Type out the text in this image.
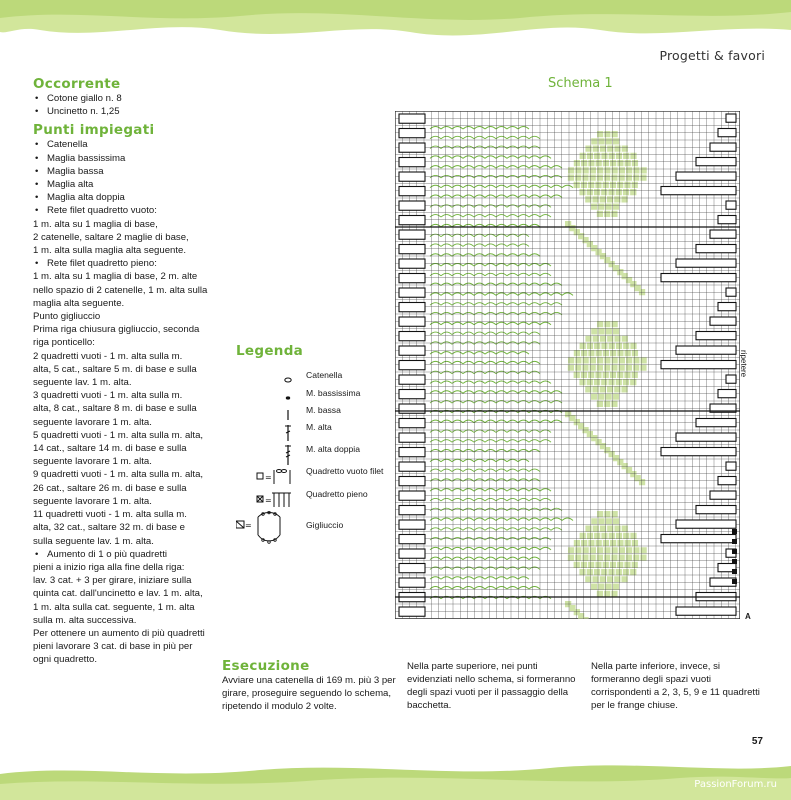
Progetti & favori
Occorrente
• Cotone giallo n. 8
• Uncinetto n. 1,25
Punti impiegati
• Catenella
• Maglia bassissima
• Maglia bassa
• Maglia alta
• Maglia alta doppia
• Rete filet quadretto vuoto:

1 m. alta su 1 maglia di base,

2 catenelle, saltare 2 maglie di base,

1 m. alta sulla maglia alta seguente.

• Rete filet quadretto pieno:

1 m. alta su 1 maglia di base, 2 m. alte

nello spazio di 2 catenelle, 1 m. alta sulla

maglia alta seguente.

Punto gigliuccio

Prima riga chiusura gigliuccio, seconda

riga ponticello:

2 quadretti vuoti - 1 m. alta sulla m.

alta, 5 cat., saltare 5 m. di base e sulla

seguente lav. 1 m. alta.

3 quadretti vuoti - 1 m. alta sulla m.

alta, 8 cat., saltare 8 m. di base e sulla

seguente lavorare 1 m. alta.

5 quadretti vuoti - 1 m. alta sulla m. alta,

14 cat., saltare 14 m. di base e sulla

seguente lavorare 1 m. alta.

9 quadretti vuoti - 1 m. alta sulla m. alta,

26 cat., saltare 26 m. di base e sulla

seguente lavorare 1 m. alta.

11 quadretti vuoti - 1 m. alta sulla m.

alta, 32 cat., saltare 32 m. di base e

sulla seguente lav. 1 m. alta.

• Aumento di 1 o più quadretti

pieni a inizio riga alla fine della riga:

lav. 3 cat. + 3 per girare, iniziare sulla

quinta cat. dall'uncinetto e lav. 1 m. alta,

1 m. alta sulla cat. seguente, 1 m. alta

sulla m. alta successiva.

Per ottenere un aumento di più quadretti

pieni lavorare 3 cat. di base in più per

ogni quadretto.

Legenda
Catenella
M. bassissima
M. bassa
M. alta
M. alta doppia
=
Quadretto vuoto filet
=
Quadretto pieno
=	Gigliuccio
Schema 1
ripetere
A
Esecuzione

Avviare una catenella di 169 m. più 3 per

girare, proseguire seguendo lo schema,

ripetendo il modulo 2 volte.

Nella parte superiore, nei punti

evidenziati nello schema, si formeranno

degli spazi vuoti per il passaggio della

bacchetta.

Nella parte inferiore, invece, si

formeranno degli spazi vuoti

corrispondenti a 2, 3, 5, 9 e 11 quadretti

per le frange chiuse.

57
PassionForum.ru
